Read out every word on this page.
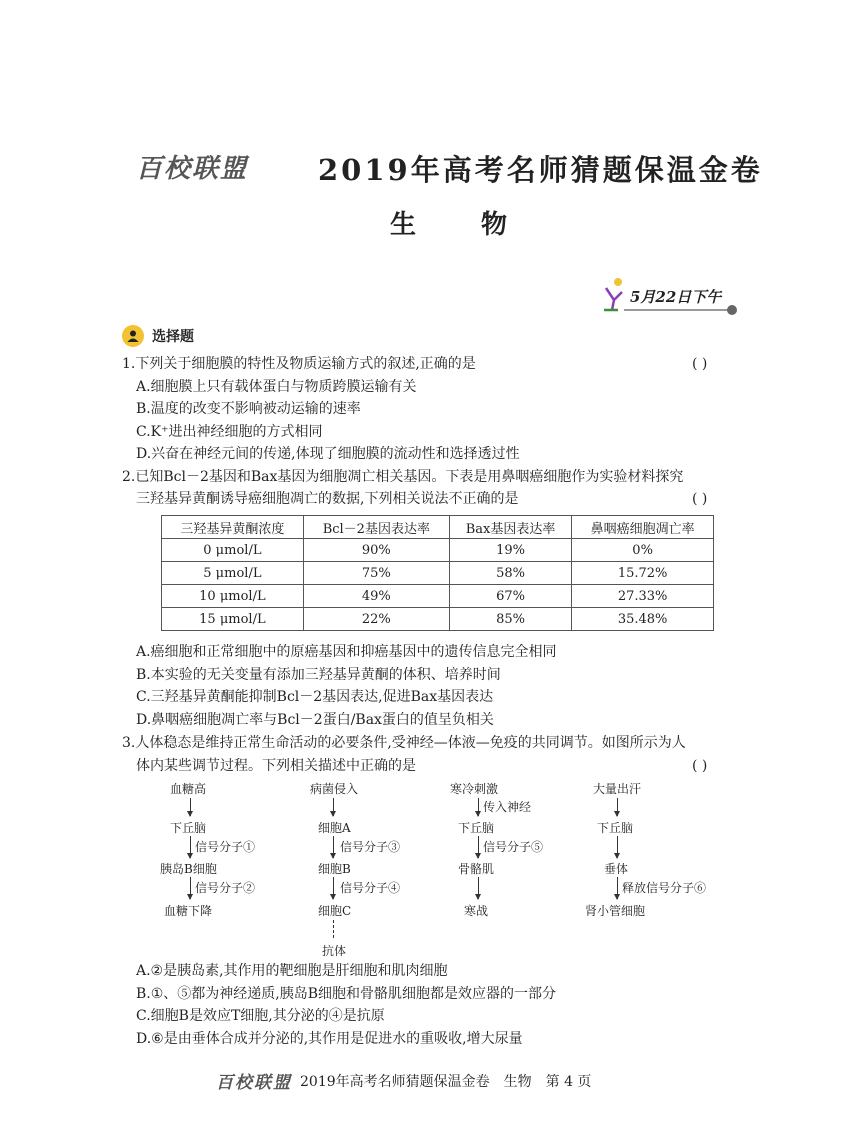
百校联盟 2019年高考名师猜题保温金卷
生 物
5月22日下午
选择题
1.下列关于细胞膜的特性及物质运输方式的叙述,正确的是	( )
A.细胞膜上只有载体蛋白与物质跨膜运输有关
B.温度的改变不影响被动运输的速率
C.K⁺进出神经细胞的方式相同
D.兴奋在神经元间的传递,体现了细胞膜的流动性和选择透过性
2.已知Bcl－2基因和Bax基因为细胞凋亡相关基因。下表是用鼻咽癌细胞作为实验材料探究
三羟基异黄酮诱导癌细胞凋亡的数据,下列相关说法不正确的是	( )
三羟基异黄酮浓度	Bcl－2基因表达率	Bax基因表达率	鼻咽癌细胞凋亡率
0 μmol/L	90%	19%	0%
5 μmol/L	75%	58%	15.72%
10 μmol/L	49%	67%	27.33%
15 μmol/L	22%	85%	35.48%
A.癌细胞和正常细胞中的原癌基因和抑癌基因中的遗传信息完全相同
B.本实验的无关变量有添加三羟基异黄酮的体积、培养时间
C.三羟基异黄酮能抑制Bcl－2基因表达,促进Bax基因表达
D.鼻咽癌细胞凋亡率与Bcl－2蛋白/Bax蛋白的值呈负相关
3.人体稳态是维持正常生命活动的必要条件,受神经—体液—免疫的共同调节。如图所示为人
体内某些调节过程。下列相关描述中正确的是	( )
血糖高
下丘脑
信号分子①
胰岛B细胞
信号分子②
血糖下降
病菌侵入
细胞A
信号分子③
细胞B
信号分子④
细胞C
抗体
寒冷刺激
传入神经
下丘脑
信号分子⑤
骨骼肌
寒战
大量出汗
下丘脑
垂体
释放信号分子⑥
肾小管细胞
A.②是胰岛素,其作用的靶细胞是肝细胞和肌肉细胞
B.①、⑤都为神经递质,胰岛B细胞和骨骼肌细胞都是效应器的一部分
C.细胞B是效应T细胞,其分泌的④是抗原
D.⑥是由垂体合成并分泌的,其作用是促进水的重吸收,增大尿量
百校联盟 2019年高考名师猜题保温金卷　生物　第 4 页
